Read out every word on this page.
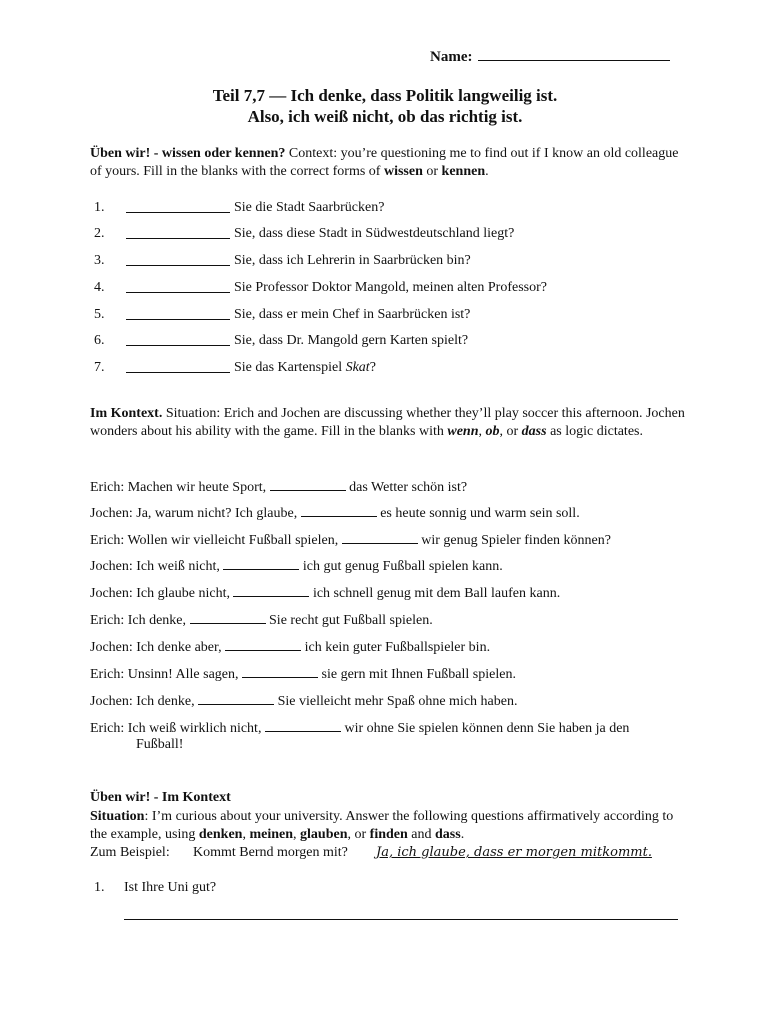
Name:
Teil 7,7 — Ich denke, dass Politik langweilig ist.
Also, ich weiß nicht, ob das richtig ist.
Üben wir! - wissen oder kennen? Context: you’re questioning me to find out if I know an old colleague of yours. Fill in the blanks with the correct forms of wissen or kennen.
1.	Sie die Stadt Saarbrücken?
2.	Sie, dass diese Stadt in Südwestdeutschland liegt?
3.	Sie, dass ich Lehrerin in Saarbrücken bin?
4.	Sie Professor Doktor Mangold, meinen alten Professor?
5.	Sie, dass er mein Chef in Saarbrücken ist?
6.	Sie, dass Dr. Mangold gern Karten spielt?
7.	Sie das Kartenspiel Skat?
Im Kontext. Situation: Erich and Jochen are discussing whether they’ll play soccer this afternoon. Jochen wonders about his ability with the game. Fill in the blanks with wenn, ob, or dass as logic dictates.
Erich: Machen wir heute Sport,	das Wetter schön ist?
Jochen: Ja, warum nicht? Ich glaube,	es heute sonnig und warm sein soll.
Erich: Wollen wir vielleicht Fußball spielen,	wir genug Spieler finden können?
Jochen: Ich weiß nicht,	ich gut genug Fußball spielen kann.
Jochen: Ich glaube nicht,	ich schnell genug mit dem Ball laufen kann.
Erich: Ich denke,	Sie recht gut Fußball spielen.
Jochen: Ich denke aber,	ich kein guter Fußballspieler bin.
Erich: Unsinn! Alle sagen,	sie gern mit Ihnen Fußball spielen.
Jochen: Ich denke,	Sie vielleicht mehr Spaß ohne mich haben.
Erich: Ich weiß wirklich nicht,	wir ohne Sie spielen können denn Sie haben ja den
Fußball!
Üben wir! - Im Kontext
Situation: I’m curious about your university. Answer the following questions affirmatively according to the example, using denken, meinen, glauben, or finden and dass.
Zum Beispiel: Kommt Bernd morgen mit? Ja, ich glaube, dass er morgen mitkommt.
1. Ist Ihre Uni gut?
